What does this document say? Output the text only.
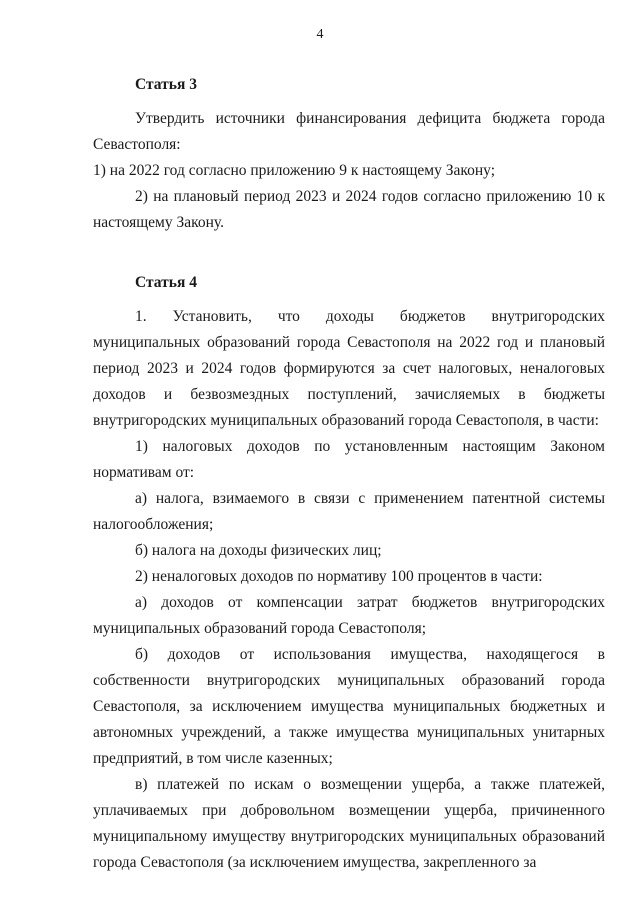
4

Статья 3

Утвердить источники финансирования дефицита бюджета города Севастополя:

1) на 2022 год согласно приложению 9 к настоящему Закону;

2) на плановый период 2023 и 2024 годов согласно приложению 10 к настоящему Закону.

Статья 4

1. Установить, что доходы бюджетов внутригородских муниципальных образований города Севастополя на 2022 год и плановый период 2023 и 2024 годов формируются за счет налоговых, неналоговых доходов и безвозмездных поступлений, зачисляемых в бюджеты внутригородских муниципальных образований города Севастополя, в части:

1) налоговых доходов по установленным настоящим Законом нормативам от:

а) налога, взимаемого в связи с применением патентной системы налогообложения;

б) налога на доходы физических лиц;

2) неналоговых доходов по нормативу 100 процентов в части:

а) доходов от компенсации затрат бюджетов внутригородских муниципальных образований города Севастополя;

б) доходов от использования имущества, находящегося в собственности внутригородских муниципальных образований города Севастополя, за исключением имущества муниципальных бюджетных и автономных учреждений, а также имущества муниципальных унитарных предприятий, в том числе казенных;

в) платежей по искам о возмещении ущерба, а также платежей, уплачиваемых при добровольном возмещении ущерба, причиненного муниципальному имуществу внутригородских муниципальных образований города Севастополя (за исключением имущества, закрепленного за
